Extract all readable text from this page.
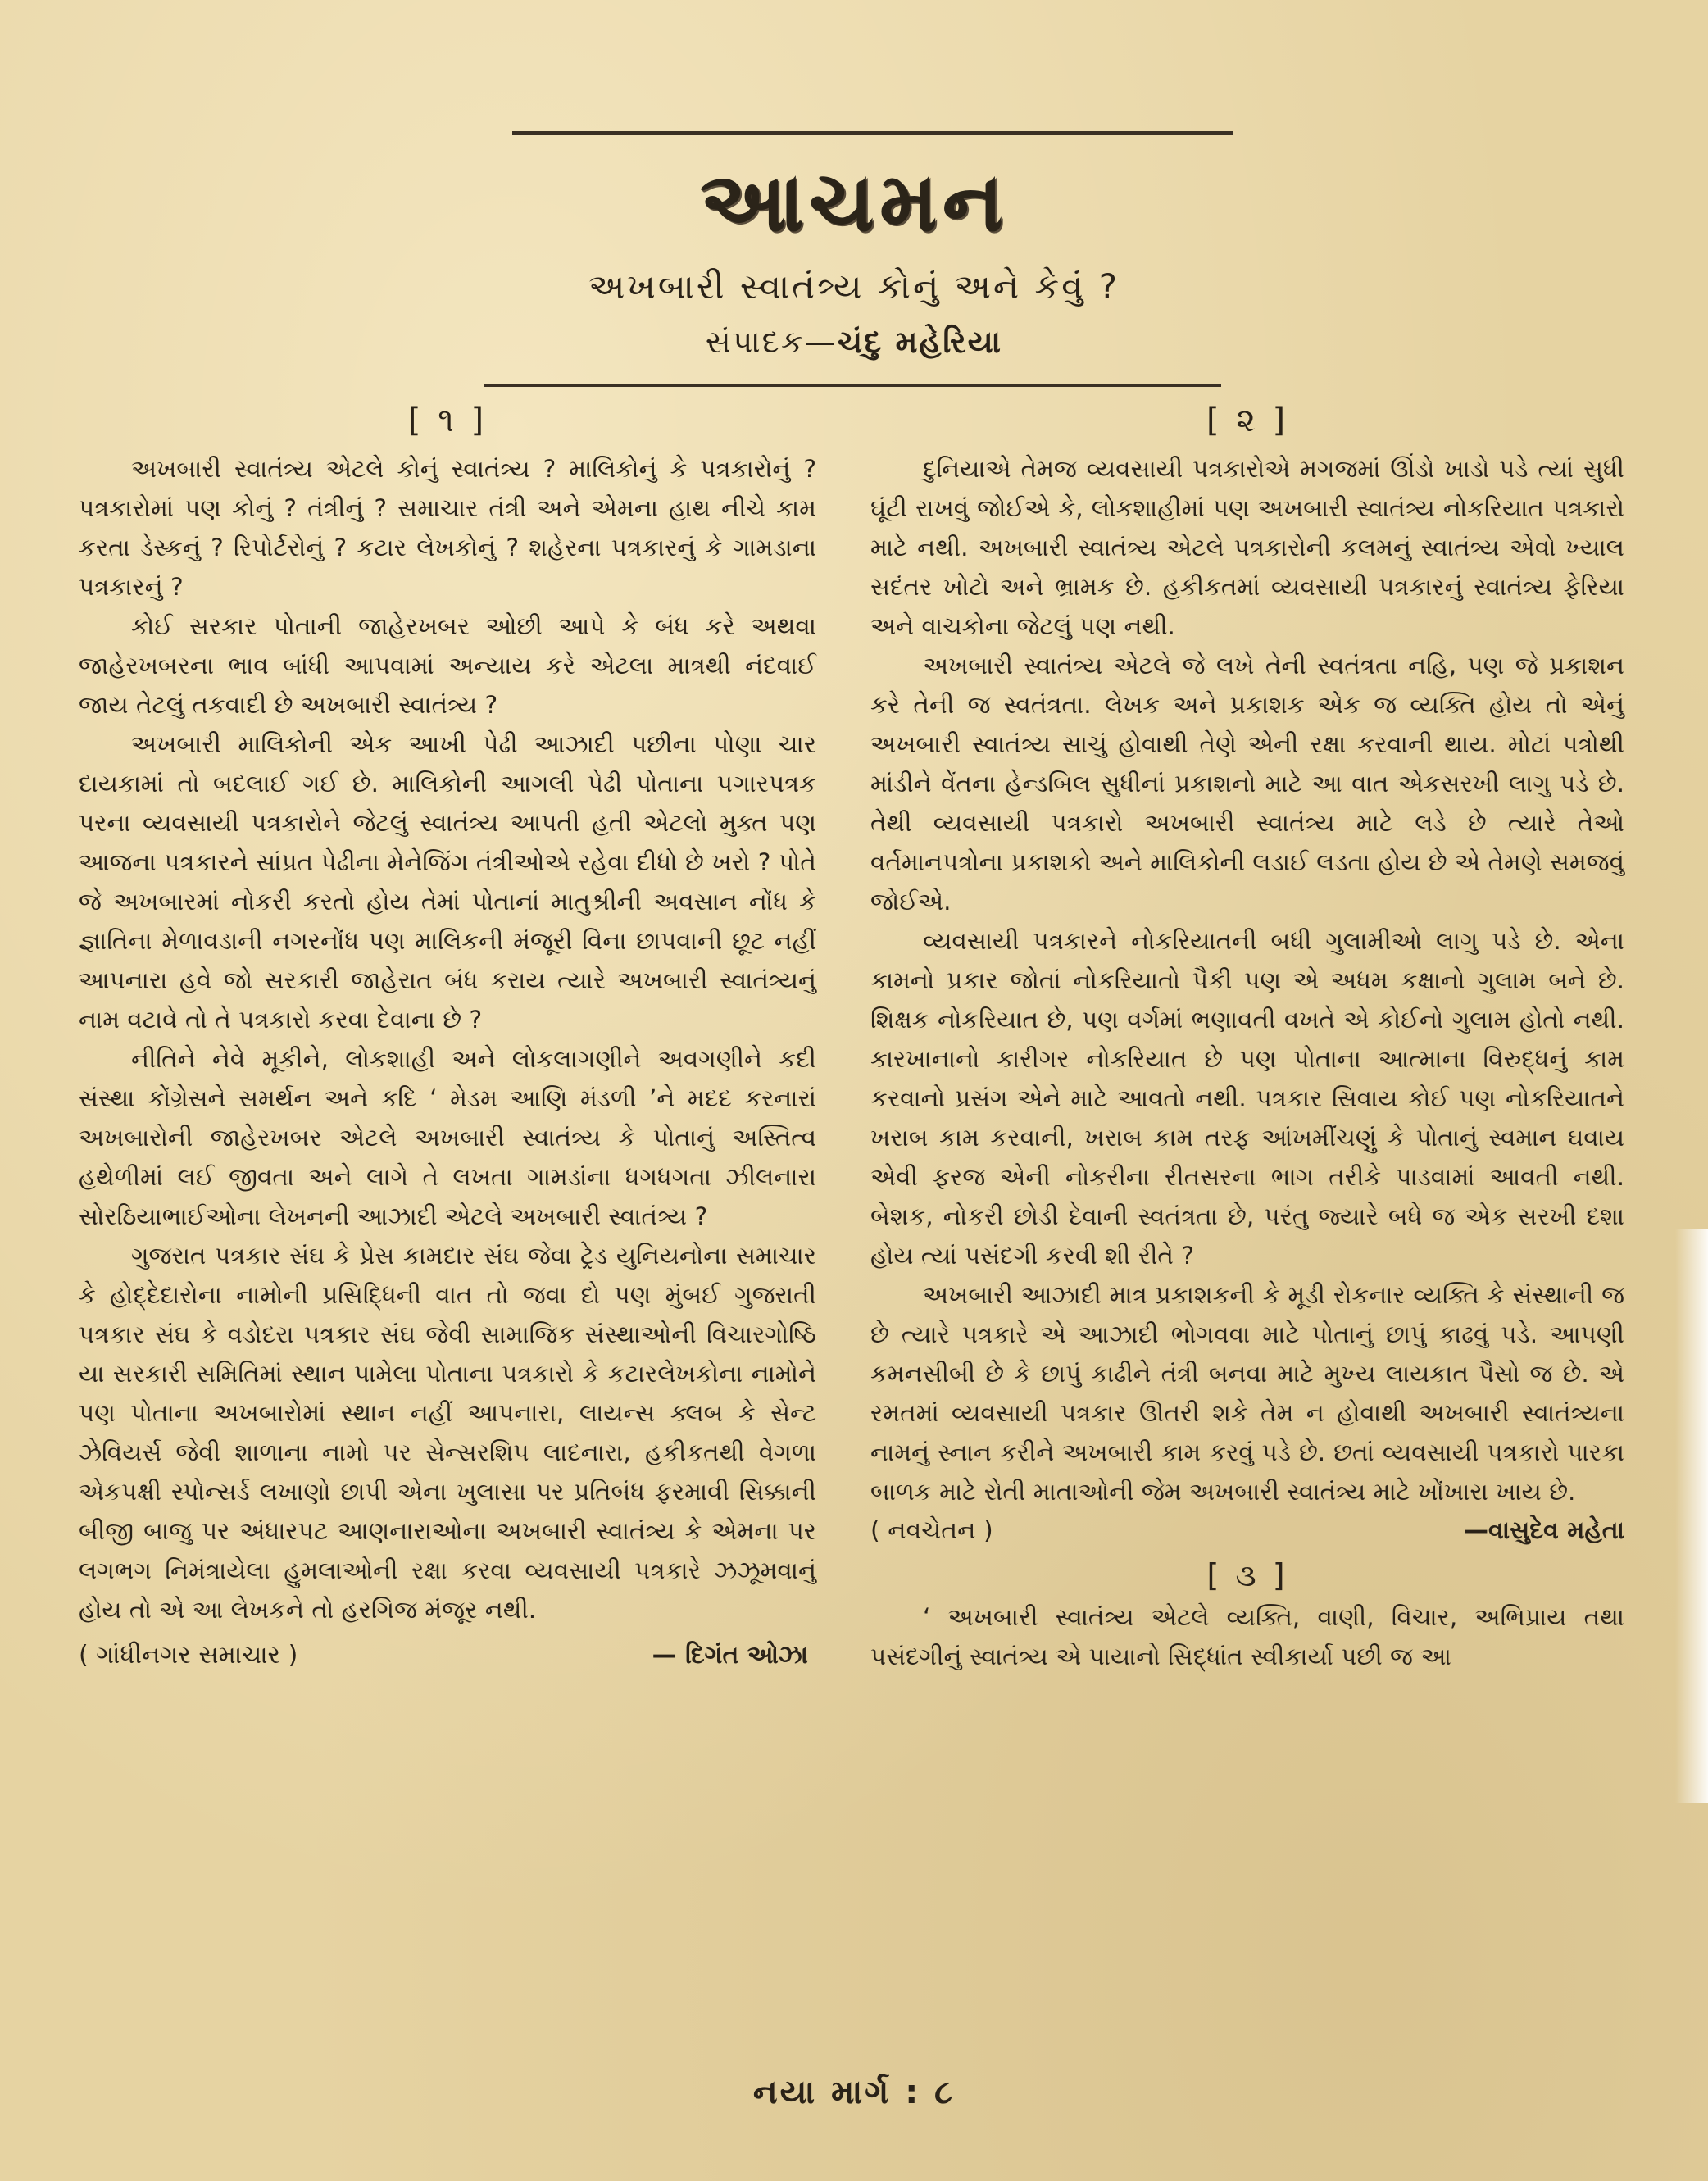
આચમન
અખબારી સ્વાતંત્ર્ય કોનું અને કેવું ?
સંપાદક—ચંદુ મહેરિયા
[ ૧ ]

અખબારી સ્વાતંત્ર્ય એટલે કોનું સ્વાતંત્ર્ય ? માલિકોનું કે પત્રકારોનું ? પત્રકારોમાં પણ કોનું ? તંત્રીનું ? સમાચાર તંત્રી અને એમના હાથ નીચે કામ કરતા ડેસ્કનું ? રિપોર્ટરોનું ? કટાર લેખકોનું ? શહેરના પત્રકારનું કે ગામડાના પત્રકારનું ?

કોઈ સરકાર પોતાની જાહેરખબર ઓછી આપે કે બંધ કરે અથવા જાહેરખબરના ભાવ બાંધી આપવામાં અન્યાય કરે એટલા માત્રથી નંદવાઈ જાય તેટલું તકવાદી છે અખબારી સ્વાતંત્ર્ય ?

અખબારી માલિકોની એક આખી પેઢી આઝાદી પછીના પોણા ચાર દાયકામાં તો બદલાઈ ગઈ છે. માલિકોની આગલી પેઢી પોતાના પગારપત્રક પરના વ્યવસાયી પત્રકારોને જેટલું સ્વાતંત્ર્ય આપતી હતી એટલો મુક્ત પણ આજના પત્રકારને સાંપ્રત પેઢીના મેનેજિંગ તંત્રીઓએ રહેવા દીધો છે ખરો ? પોતે જે અખબારમાં નોકરી કરતો હોય તેમાં પોતાનાં માતુશ્રીની અવસાન નોંધ કે જ્ઞાતિના મેળાવડાની નગરનોંધ પણ માલિકની મંજૂરી વિના છાપવાની છૂટ નહીં આપનારા હવે જો સરકારી જાહેરાત બંધ કરાય ત્યારે અખબારી સ્વાતંત્ર્યનું નામ વટાવે તો તે પત્રકારો કરવા દેવાના છે ?

નીતિને નેવે મૂકીને, લોકશાહી અને લોકલાગણીને અવગણીને કદી સંસ્થા કોંગ્રેસને સમર્થન અને કદિ ‘ મેડમ આણિ મંડળી ’ને મદદ કરનારાં અખબારોની જાહેરખબર એટલે અખબારી સ્વાતંત્ર્ય કે પોતાનું અસ્તિત્વ હથેળીમાં લઈ જીવતા અને લાગે તે લખતા ગામડાંના ધગધગતા ઝીલનારા સોરઠિયાભાઈઓના લેખનની આઝાદી એટલે અખબારી સ્વાતંત્ર્ય ?

ગુજરાત પત્રકાર સંઘ કે પ્રેસ કામદાર સંઘ જેવા ટ્રેડ યુનિયનોના સમાચાર કે હોદ્દેદારોના નામોની પ્રસિદ્ધિની વાત તો જવા દો પણ મુંબઈ ગુજરાતી પત્રકાર સંઘ કે વડોદરા પત્રકાર સંઘ જેવી સામાજિક સંસ્થાઓની વિચારગોષ્ઠિ યા સરકારી સમિતિમાં સ્થાન પામેલા પોતાના પત્રકારો કે કટારલેખકોના નામોને પણ પોતાના અખબારોમાં સ્થાન નહીં આપનારા, લાયન્સ ક્લબ કે સેન્ટ ઝેવિયર્સ જેવી શાળાના નામો પર સેન્સરશિપ લાદનારા, હકીકતથી વેગળા એકપક્ષી સ્પોન્સર્ડ લખાણો છાપી એના ખુલાસા પર પ્રતિબંધ ફરમાવી સિક્કાની બીજી બાજુ પર અંધારપટ આણનારાઓના અખબારી સ્વાતંત્ર્ય કે એમના પર લગભગ નિમંત્રાયેલા હુમલાઓની રક્ષા કરવા વ્યવસાયી પત્રકારે ઝઝૂમવાનું હોય તો એ આ લેખકને તો હરગિજ મંજૂર નથી.

( ગાંધીનગર સમાચાર )	— દિગંત ઓઝા
[ ૨ ]

દુનિયાએ તેમજ વ્યવસાયી પત્રકારોએ મગજમાં ઊંડો ખાડો પડે ત્યાં સુધી ઘૂંટી રાખવું જોઈએ કે, લોકશાહીમાં પણ અખબારી સ્વાતંત્ર્ય નોકરિયાત પત્રકારો માટે નથી. અખબારી સ્વાતંત્ર્ય એટલે પત્રકારોની કલમનું સ્વાતંત્ર્ય એવો ખ્યાલ સદંતર ખોટો અને ભ્રામક છે. હકીકતમાં વ્યવસાયી પત્રકારનું સ્વાતંત્ર્ય ફેરિયા અને વાચકોના જેટલું પણ નથી.

અખબારી સ્વાતંત્ર્ય એટલે જે લખે તેની સ્વતંત્રતા નહિ, પણ જે પ્રકાશન કરે તેની જ સ્વતંત્રતા. લેખક અને પ્રકાશક એક જ વ્યક્તિ હોય તો એનું અખબારી સ્વાતંત્ર્ય સાચું હોવાથી તેણે એની રક્ષા કરવાની થાય. મોટાં પત્રોથી માંડીને વેંતના હેન્ડબિલ સુધીનાં પ્રકાશનો માટે આ વાત એકસરખી લાગુ પડે છે. તેથી વ્યવસાયી પત્રકારો અખબારી સ્વાતંત્ર્ય માટે લડે છે ત્યારે તેઓ વર્તમાનપત્રોના પ્રકાશકો અને માલિકોની લડાઈ લડતા હોય છે એ તેમણે સમજવું જોઈએ.

વ્યવસાયી પત્રકારને નોકરિયાતની બધી ગુલામીઓ લાગુ પડે છે. એના કામનો પ્રકાર જોતાં નોકરિયાતો પૈકી પણ એ અધમ કક્ષાનો ગુલામ બને છે. શિક્ષક નોકરિયાત છે, પણ વર્ગમાં ભણાવતી વખતે એ કોઈનો ગુલામ હોતો નથી. કારખાનાનો કારીગર નોકરિયાત છે પણ પોતાના આત્માના વિરુદ્ધનું કામ કરવાનો પ્રસંગ એને માટે આવતો નથી. પત્રકાર સિવાય કોઈ પણ નોકરિયાતને ખરાબ કામ કરવાની, ખરાબ કામ તરફ આંખમીંચણું કે પોતાનું સ્વમાન ઘવાય એવી ફરજ એની નોકરીના રીતસરના ભાગ તરીકે પાડવામાં આવતી નથી. બેશક, નોકરી છોડી દેવાની સ્વતંત્રતા છે, પરંતુ જ્યારે બધે જ એક સરખી દશા હોય ત્યાં પસંદગી કરવી શી રીતે ?

અખબારી આઝાદી માત્ર પ્રકાશકની કે મૂડી રોકનાર વ્યક્તિ કે સંસ્થાની જ છે ત્યારે પત્રકારે એ આઝાદી ભોગવવા માટે પોતાનું છાપું કાઢવું પડે. આપણી કમનસીબી છે કે છાપું કાઢીને તંત્રી બનવા માટે મુખ્ય લાયકાત પૈસો જ છે. એ રમતમાં વ્યવસાયી પત્રકાર ઊતરી શકે તેમ ન હોવાથી અખબારી સ્વાતંત્ર્યના નામનું સ્નાન કરીને અખબારી કામ કરવું પડે છે. છતાં વ્યવસાયી પત્રકારો પારકા બાળક માટે રોતી માતાઓની જેમ અખબારી સ્વાતંત્ર્ય માટે ખોંખારા ખાય છે.

( નવચેતન )	—વાસુદેવ મહેતા
[ ૩ ]

‘ અખબારી સ્વાતંત્ર્ય એટલે વ્યક્તિ, વાણી, વિચાર, અભિપ્રાય તથા પસંદગીનું સ્વાતંત્ર્ય એ પાયાનો સિદ્ધાંત સ્વીકાર્યા પછી જ આ

નયા માર્ગ : ૮
